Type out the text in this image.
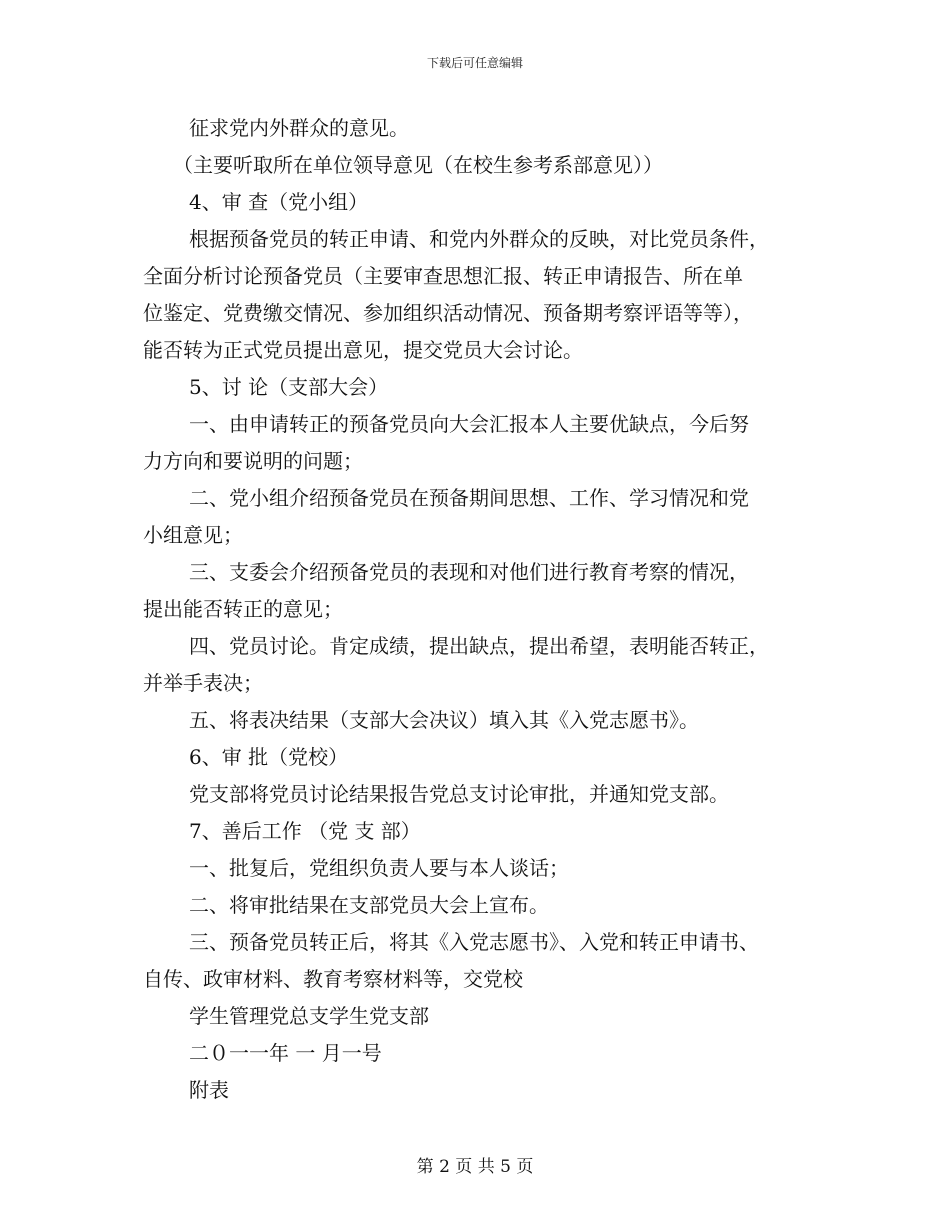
下载后可任意编辑

征求党内外群众的意见。

（主要听取所在单位领导意见（在校生参考系部意见））

4、审 查（党小组）

根据预备党员的转正申请、和党内外群众的反映，对比党员条件，

全面分析讨论预备党员（主要审查思想汇报、转正申请报告、所在单

位鉴定、党费缴交情况、参加组织活动情况、预备期考察评语等等），

能否转为正式党员提出意见，提交党员大会讨论。

5、讨 论（支部大会）

一、由申请转正的预备党员向大会汇报本人主要优缺点，今后努

力方向和要说明的问题；

二、党小组介绍预备党员在预备期间思想、工作、学习情况和党

小组意见；

三、支委会介绍预备党员的表现和对他们进行教育考察的情况，

提出能否转正的意见；

四、党员讨论。肯定成绩，提出缺点，提出希望，表明能否转正，

并举手表决；

五、将表决结果（支部大会决议）填入其《入党志愿书》。

6、审 批（党校）

党支部将党员讨论结果报告党总支讨论审批，并通知党支部。

7、善后工作 （党 支 部）

一、批复后，党组织负责人要与本人谈话；

二、将审批结果在支部党员大会上宣布。

三、预备党员转正后，将其《入党志愿书》、入党和转正申请书、

自传、政审材料、教育考察材料等，交党校

学生管理党总支学生党支部

二０一一年 一 月一号

附表

第 2 页 共 5 页
